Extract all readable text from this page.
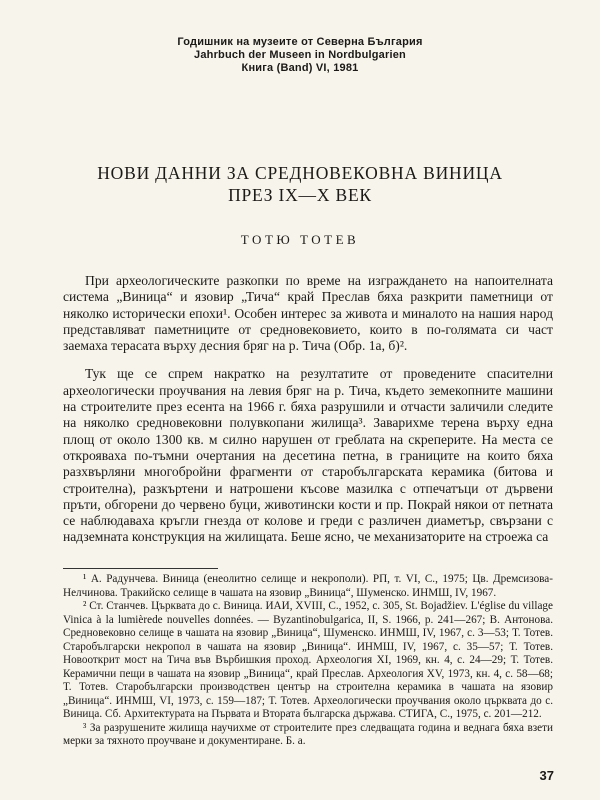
Годишник на музеите от Северна България
Jahrbuch der Museen in Nordbulgarien
Книга (Band) VI, 1981
НОВИ ДАННИ ЗА СРЕДНОВЕКОВНА ВИНИЦА
ПРЕЗ IX—X ВЕК
ТОТЮ ТОТЕВ

При археологическите разкопки по време на изграждането на напоителната система „Виница“ и язовир „Тича“ край Преслав бяха разкрити паметници от няколко исторически епохи¹. Особен интерес за живота и миналото на нашия народ представляват паметниците от средновековието, които в по-голямата си част заемаха терасата върху десния бряг на р. Тича (Обр. 1а, б)².

Тук ще се спрем накратко на резултатите от проведените спасителни археологически проучвания на левия бряг на р. Тича, където земекопните машини на строителите през есента на 1966 г. бяха разрушили и отчасти заличили следите на няколко средновековни полувкопани жилища³. Заварихме терена върху една площ от около 1300 кв. м силно нарушен от греблата на скреперите. На места се открояваха по-тъмни очертания на десетина петна, в границите на които бяха разхвърляни многобройни фрагменти от старобългарската керамика (битова и строителна), разкъртени и натрошени късове мазилка с отпечатъци от дървени пръти, обгорени до червено буци, животински кости и пр. Покрай някои от петната се наблюдаваха кръгли гнезда от колове и греди с различен диаметър, свързани с надземната конструкция на жилищата. Беше ясно, че механизаторите на строежа са

¹ А. Радунчева. Виница (енеолитно селище и некрополи). РП, т. VI, С., 1975; Цв. Дремсизова-Нелчинова. Тракийско селище в чашата на язовир „Виница“, Шуменско. ИНМШ, IV, 1967.

² Ст. Станчев. Църквата до с. Виница. ИАИ, XVIII, С., 1952, с. 305, St. Bojadžiev. L'église du village Vinica à la lumièrede nouvelles données. — Byzantinobulgarica, II, S. 1966, p. 241—267; В. Антонова. Средновековно селище в чашата на язовир „Виница“, Шуменско. ИНМШ, IV, 1967, с. 3—53; Т. Тотев. Старобългарски некропол в чашата на язовир „Виница“. ИНМШ, IV, 1967, с. 35—57; Т. Тотев. Новооткрит мост на Тича във Върбишкия проход. Археология XI, 1969, кн. 4, с. 24—29; Т. Тотев. Керамични пещи в чашата на язовир „Виница“, край Преслав. Археология XV, 1973, кн. 4, с. 58—68; Т. Тотев. Старобългарски производствен център на строителна керамика в чашата на язовир „Виница“. ИНМШ, VI, 1973, с. 159—187; Т. Тотев. Археологически проучвания около църквата до с. Виница. Сб. Архитектурата на Първата и Втората българска държава. СТИГА, С., 1975, с. 201—212.

³ За разрушените жилища научихме от строителите през следващата година и веднага бяха взети мерки за тяхното проучване и документиране. Б. а.

37
